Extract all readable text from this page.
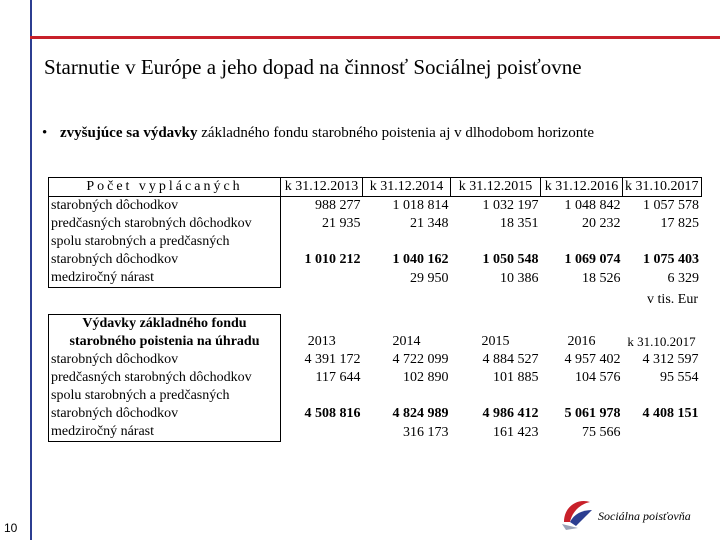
Starnutie v Európe a jeho dopad na činnosť Sociálnej poisťovne
• zvyšujúce sa výdavky základného fondu starobného poistenia aj v dlhodobom horizonte
Počet vyplácaných	k 31.12.2013	k 31.12.2014	k 31.12.2015	k 31.12.2016	k 31.10.2017
starobných dôchodkov	988 277	1 018 814	1 032 197	1 048 842	1 057 578
predčasných starobných dôchodkov	21 935	21 348	18 351	20 232	17 825
spolu starobných a predčasných					
starobných dôchodkov	1 010 212	1 040 162	1 050 548	1 069 074	1 075 403
medziročný nárast		29 950	10 386	18 526	6 329
v tis. Eur
Výdavky základného fondu					
starobného poistenia na úhradu	2013	2014	2015	2016	k 31.10.2017
starobných dôchodkov	4 391 172	4 722 099	4 884 527	4 957 402	4 312 597
predčasných starobných dôchodkov	117 644	102 890	101 885	104 576	95 554
spolu starobných a predčasných					
starobných dôchodkov	4 508 816	4 824 989	4 986 412	5 061 978	4 408 151
medziročný nárast		316 173	161 423	75 566	
10
Sociálna poisťovňa
